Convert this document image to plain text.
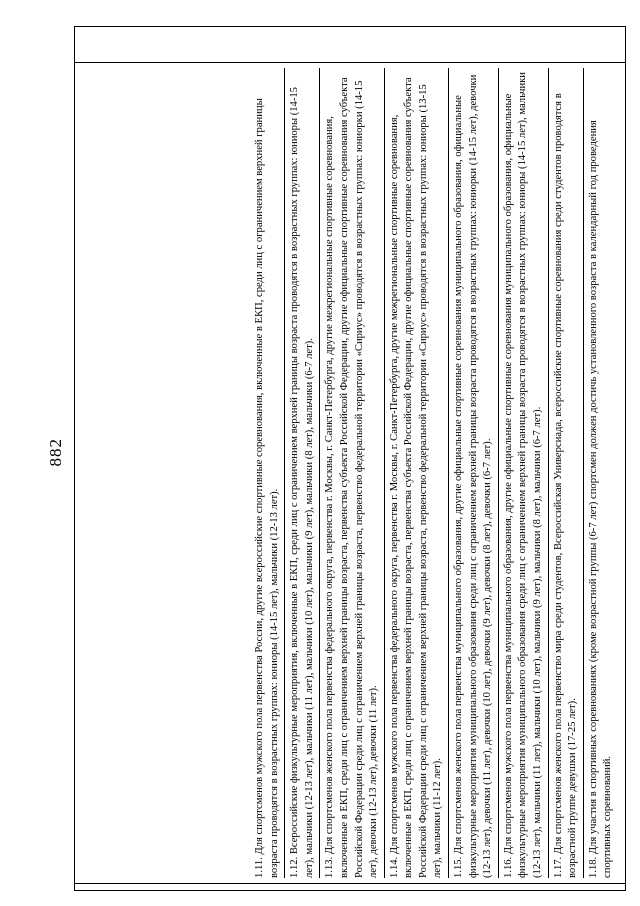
882	1.11. Для спортсменов мужского пола первенства России, другие всероссийские спортивные соревнования, включенные в ЕКП, среди лиц с ограничением верхней границы возраста проводятся в возрастных группах: юниоры (14-15 лет), мальчики (12-13 лет). 1.12. Всероссийские физкультурные мероприятия, включенные в ЕКП, среди лиц с ограничением верхней границы возраста проводятся в возрастных группах: юниоры (14-15 лет), мальчики (12-13 лет), мальчики (11 лет), мальчики (10 лет), мальчики (9 лет), мальчики (8 лет), мальчики (6-7 лет). 1.13. Для спортсменов женского пола первенства федерального округа, первенства г. Москвы, г. Санкт-Петербурга, другие межрегиональные спортивные соревнования, включенные в ЕКП, среди лиц с ограничением верхней границы возраста, первенства субъекта Российской Федерации, другие официальные спортивные соревнования субъекта Российской Федерации среди лиц с ограничением верхней границы возраста, первенство федеральной территории «Сириус» проводятся в возрастных группах: юниорки (14-15 лет), девочки (12-13 лет), девочки (11 лет). 1.14. Для спортсменов мужского пола первенства федерального округа, первенства г. Москвы, г. Санкт-Петербурга, другие межрегиональные спортивные соревнования, включенные в ЕКП, среди лиц с ограничением верхней границы возраста, первенства субъекта Российской Федерации, другие официальные спортивные соревнования субъекта Российской Федерации среди лиц с ограничением верхней границы возраста, первенство федеральной территории «Сириус» проводятся в возрастных группах: юниоры (13-15 лет), мальчики (11-12 лет). 1.15. Для спортсменов женского пола первенства муниципального образования, другие официальные спортивные соревнования муниципального образования, официальные физкультурные мероприятия муниципального образования среди лиц с ограничением верхней границы возраста проводятся в возрастных группах: юниорки (14-15 лет), девочки (12-13 лет), девочки (11 лет), девочки (10 лет), девочки (9 лет), девочки (8 лет), девочки (6-7 лет). 1.16. Для спортсменов мужского пола первенства муниципального образования, другие официальные спортивные соревнования муниципального образования, официальные физкультурные мероприятия муниципального образования среди лиц с ограничением верхней границы возраста проводятся в возрастных группах: юниоры (14-15 лет), мальчики (12-13 лет), мальчики (11 лет), мальчики (10 лет), мальчики (9 лет), мальчики (8 лет), мальчики (6-7 лет). 1.17. Для спортсменов женского пола первенство мира среди студентов, Всероссийская Универсиада, всероссийские спортивные соревнования среди студентов проводятся в возрастной группе девушки (17-25 лет). 1.18. Для участия в спортивных соревнованиях (кроме возрастной группы (6-7 лет) спортсмен должен достичь установленного возраста в календарный год проведения спортивных соревнований.
